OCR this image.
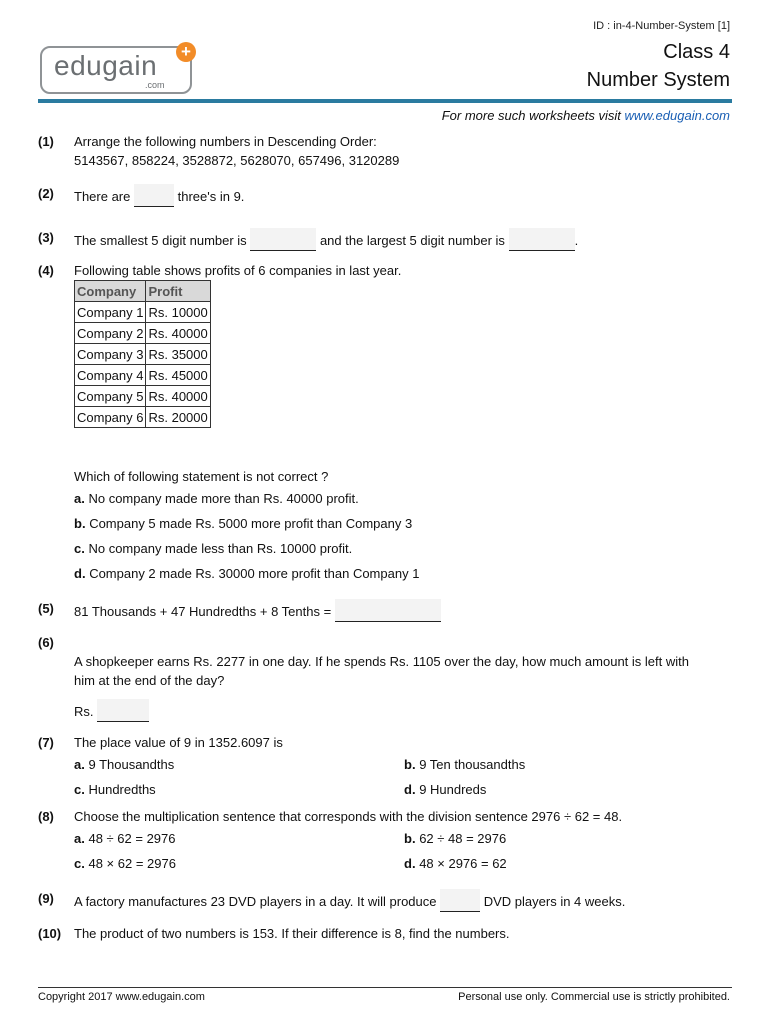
ID : in-4-Number-System [1]
Class 4
Number System
edugain
.com
+
For more such worksheets visit www.edugain.com
(1) Arrange the following numbers in Descending Order:
5143567, 858224, 3528872, 5628070, 657496, 3120289
(2) There are	three's in 9.
(3) The smallest 5 digit number is	and the largest 5 digit number is	.
(4) Following table shows profits of 6 companies in last year.
Company	Profit
Company 1	Rs. 10000
Company 2	Rs. 40000
Company 3	Rs. 35000
Company 4	Rs. 45000
Company 5	Rs. 40000
Company 6	Rs. 20000
Which of following statement is not correct ?
a. No company made more than Rs. 40000 profit.
b. Company 5 made Rs. 5000 more profit than Company 3
c. No company made less than Rs. 10000 profit.
d. Company 2 made Rs. 30000 more profit than Company 1
(5) 81 Thousands + 47 Hundredths + 8 Tenths =
(6)
A shopkeeper earns Rs. 2277 in one day. If he spends Rs. 1105 over the day, how much amount is left with
him at the end of the day?
Rs.
(7) The place value of 9 in 1352.6097 is
a. 9 Thousandths	b. 9 Ten thousandths
c. Hundredths	d. 9 Hundreds
(8) Choose the multiplication sentence that corresponds with the division sentence 2976 ÷ 62 = 48.
a. 48 ÷ 62 = 2976	b. 62 ÷ 48 = 2976
c. 48 × 62 = 2976	d. 48 × 2976 = 62
(9) A factory manufactures 23 DVD players in a day. It will produce	DVD players in 4 weeks.
(10) The product of two numbers is 153. If their difference is 8, find the numbers.
Copyright 2017 www.edugain.com	Personal use only. Commercial use is strictly prohibited.
